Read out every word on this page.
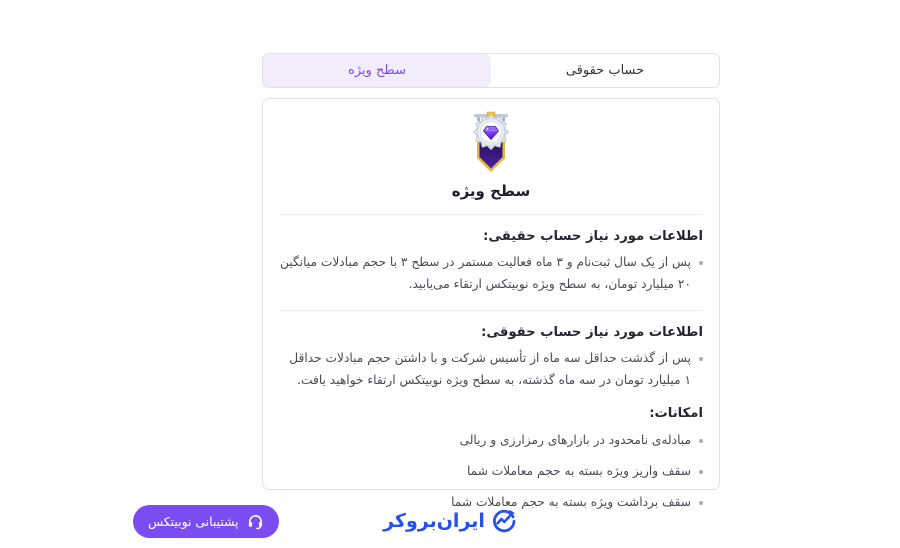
حساب حقوقی
سطح ویژه
سطح ویژه
اطلاعات مورد نیاز حساب حقیقی:
پس از یک سال ثبت‌نام و ۳ ماه فعالیت مستمر در سطح ۳ با حجم مبادلات میانگین ۲۰ میلیارد تومان، به سطح ویژه نوبیتکس ارتقاء می‌یابید.
اطلاعات مورد نیاز حساب حقوقی:
پس از گذشت حداقل سه ماه از تأسیس شرکت و با داشتن حجم مبادلات حداقل ۱ میلیارد تومان در سه ماه گذشته، به سطح ویژه نوبیتکس ارتقاء خواهید یافت.
امکانات:
مبادله‌ی نامحدود در بازارهای رمزارزی و ریالی
سقف واریز ویژه بسته به حجم معاملات شما
سقف برداشت ویژه بسته به حجم معاملات شما
پشتیبانی نوبیتکس	ایران‌بروکر
